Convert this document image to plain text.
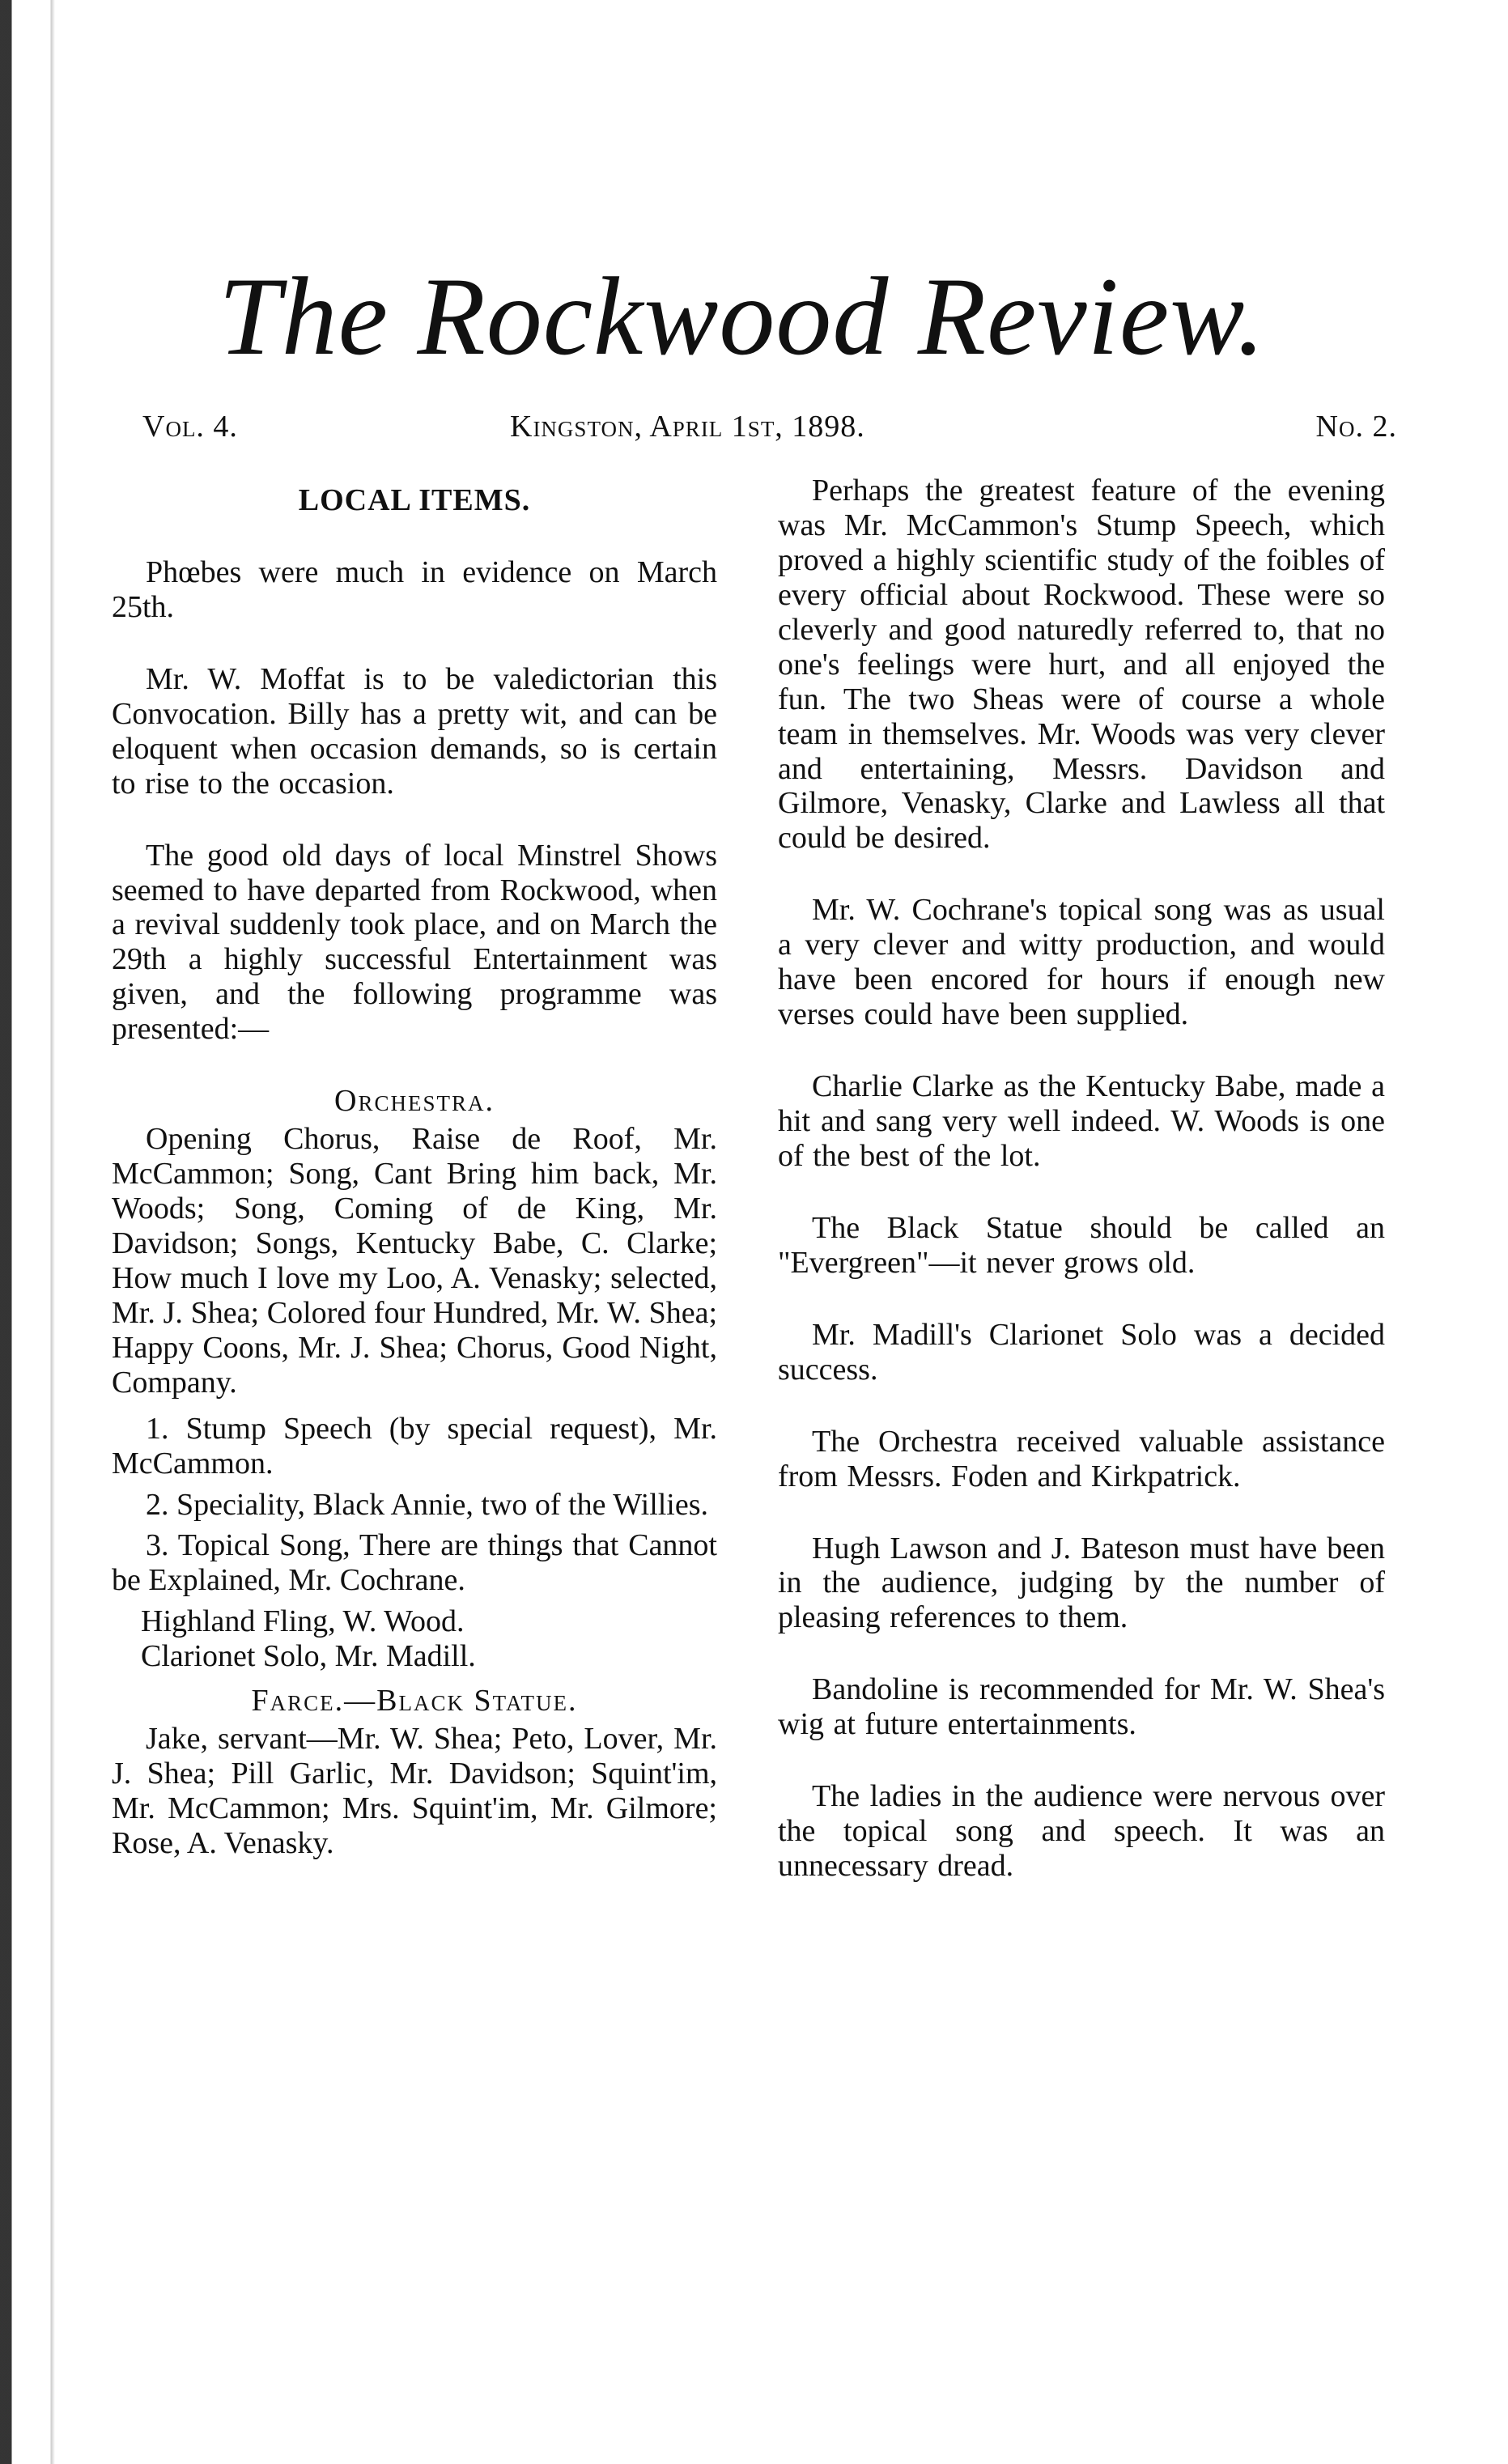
The Rockwood Review.
Vol. 4.	Kingston, April 1st, 1898.	No. 2.
LOCAL ITEMS.

Phœbes were much in evidence on March 25th.

Mr. W. Moffat is to be valedictorian this Convocation. Billy has a pretty wit, and can be eloquent when occasion demands, so is certain to rise to the occasion.

The good old days of local Minstrel Shows seemed to have departed from Rockwood, when a revival suddenly took place, and on March the 29th a highly successful Entertainment was given, and the following programme was presented:—

Orchestra.

Opening Chorus, Raise de Roof, Mr. McCammon; Song, Cant Bring him back, Mr. Woods; Song, Coming of de King, Mr. Davidson; Songs, Kentucky Babe, C. Clarke; How much I love my Loo, A. Venasky; selected, Mr. J. Shea; Colored four Hundred, Mr. W. Shea; Happy Coons, Mr. J. Shea; Chorus, Good Night, Company.

1. Stump Speech (by special request), Mr. McCammon.

2. Speciality, Black Annie, two of the Willies.

3. Topical Song, There are things that Cannot be Explained, Mr. Cochrane.

Highland Fling, W. Wood.

Clarionet Solo, Mr. Madill.

Farce.—Black Statue.

Jake, servant—Mr. W. Shea; Peto, Lover, Mr. J. Shea; Pill Garlic, Mr. Davidson; Squint'im, Mr. McCammon; Mrs. Squint'im, Mr. Gilmore; Rose, A. Venasky.

Perhaps the greatest feature of the evening was Mr. McCammon's Stump Speech, which proved a highly scientific study of the foibles of every official about Rockwood. These were so cleverly and good naturedly referred to, that no one's feelings were hurt, and all enjoyed the fun. The two Sheas were of course a whole team in themselves. Mr. Woods was very clever and entertaining, Messrs. Davidson and Gilmore, Venasky, Clarke and Lawless all that could be desired.

Mr. W. Cochrane's topical song was as usual a very clever and witty production, and would have been encored for hours if enough new verses could have been supplied.

Charlie Clarke as the Kentucky Babe, made a hit and sang very well indeed. W. Woods is one of the best of the lot.

The Black Statue should be called an "Evergreen"—it never grows old.

Mr. Madill's Clarionet Solo was a decided success.

The Orchestra received valuable assistance from Messrs. Foden and Kirkpatrick.

Hugh Lawson and J. Bateson must have been in the audience, judging by the number of pleasing references to them.

Bandoline is recommended for Mr. W. Shea's wig at future entertainments.

The ladies in the audience were nervous over the topical song and speech. It was an unnecessary dread.
